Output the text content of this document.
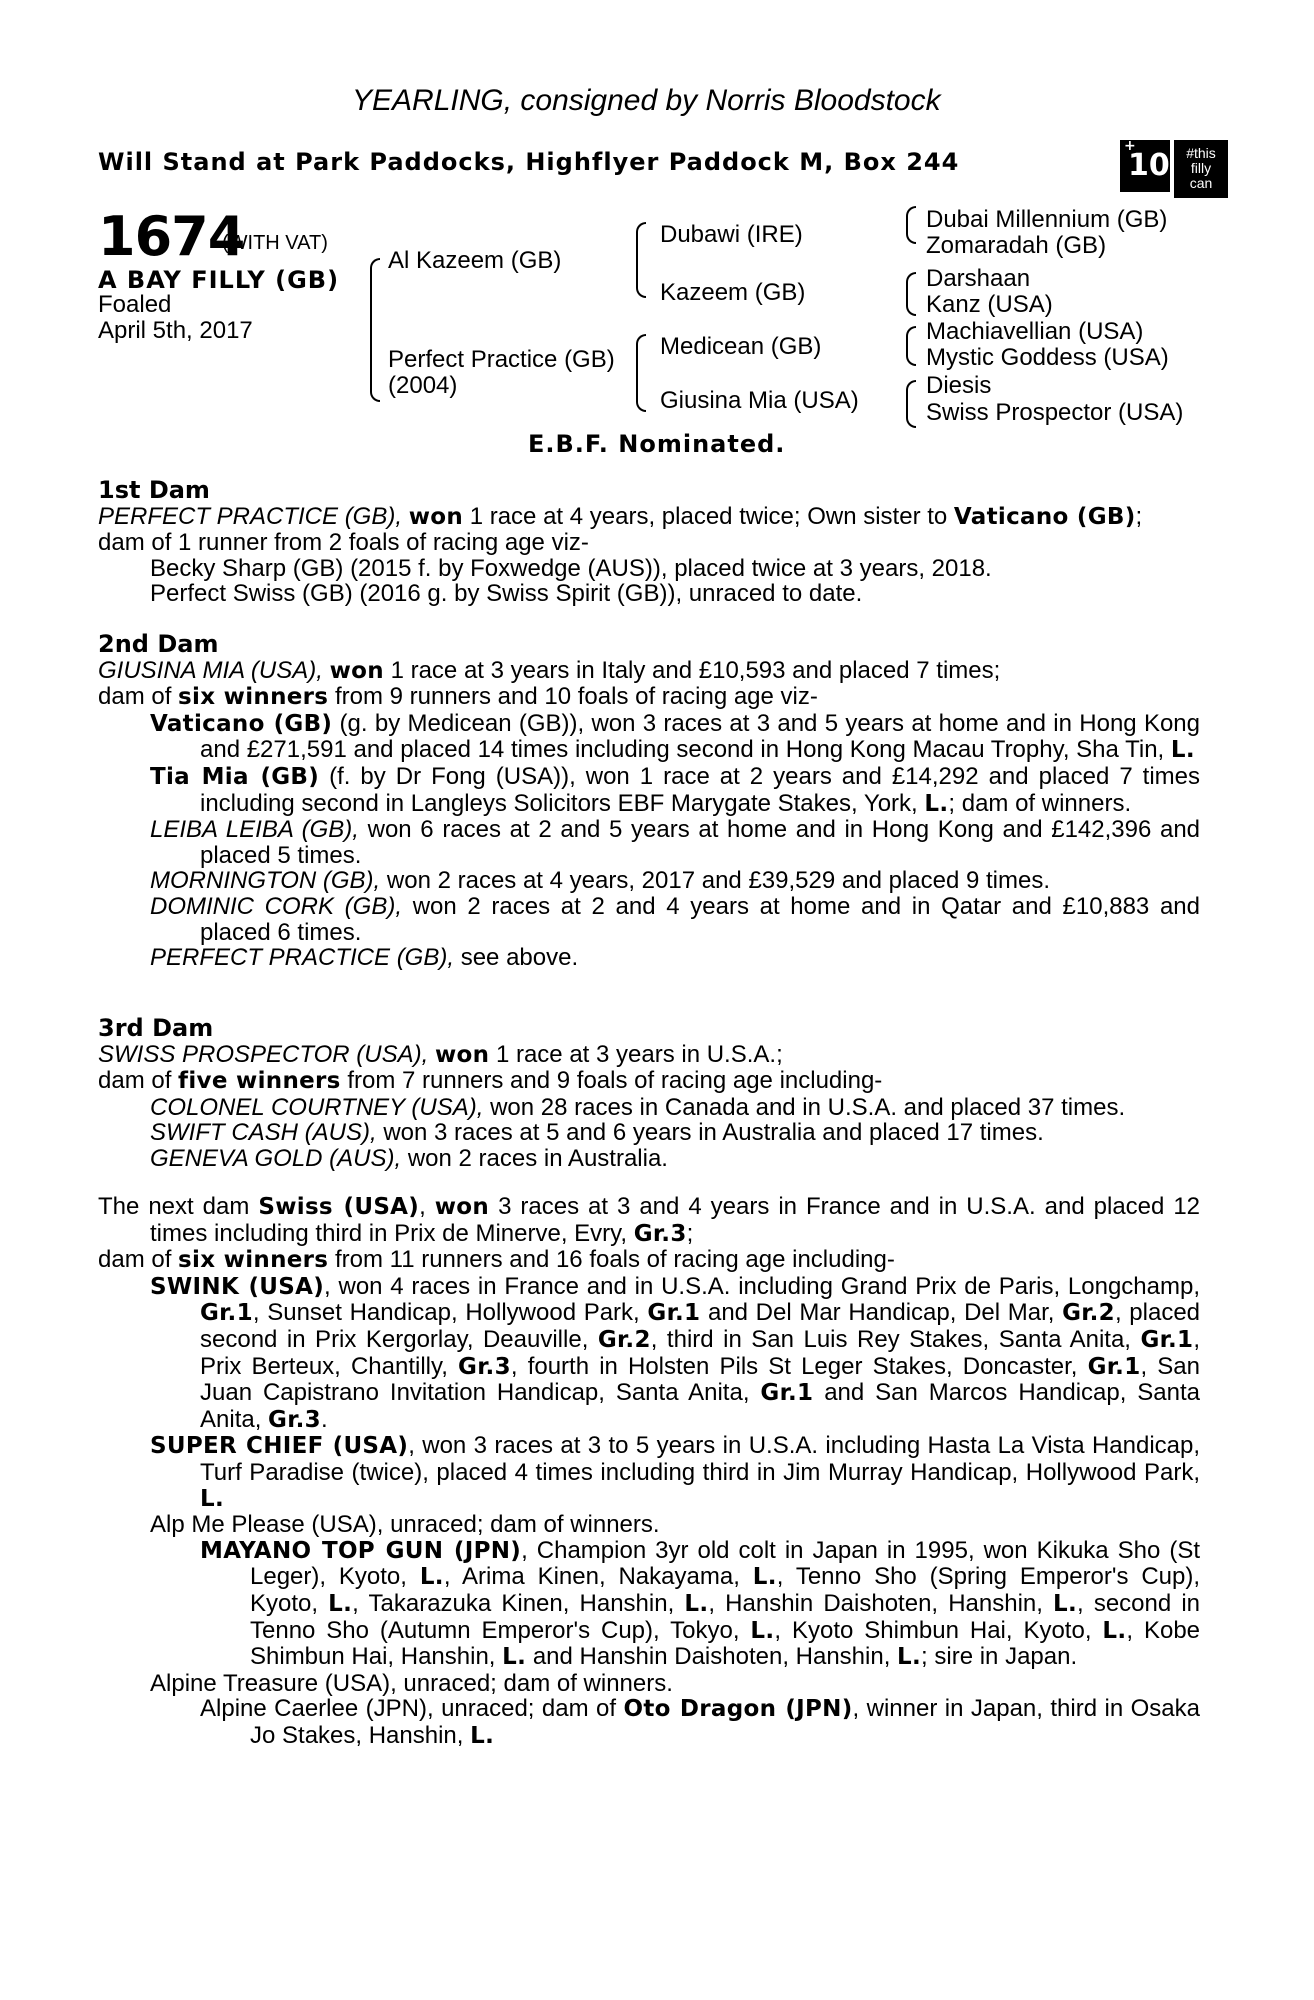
YEARLING, consigned by Norris Bloodstock
Will Stand at Park Paddocks, Highflyer Paddock M, Box 244
+
10	#this filly can
1674
(WITH VAT)
A BAY FILLY (GB)
Foaled
April 5th, 2017
Al Kazeem (GB)
Perfect Practice (GB)
(2004)
Dubawi (IRE)
Kazeem (GB)
Medicean (GB)
Giusina Mia (USA)
Dubai Millennium (GB)
Zomaradah (GB)
Darshaan
Kanz (USA)
Machiavellian (USA)
Mystic Goddess (USA)
Diesis
Swiss Prospector (USA)
E.B.F. Nominated.

1st Dam

PERFECT PRACTICE (GB), won 1 race at 4 years, placed twice; Own sister to Vaticano (GB);

dam of 1 runner from 2 foals of racing age viz-

Becky Sharp (GB) (2015 f. by Foxwedge (AUS)), placed twice at 3 years, 2018.

Perfect Swiss (GB) (2016 g. by Swiss Spirit (GB)), unraced to date.

2nd Dam

GIUSINA MIA (USA), won 1 race at 3 years in Italy and £10,593 and placed 7 times;

dam of six winners from 9 runners and 10 foals of racing age viz-

Vaticano (GB) (g. by Medicean (GB)), won 3 races at 3 and 5 years at home and in Hong Kong and £271,591 and placed 14 times including second in Hong Kong Macau Trophy, Sha Tin, L.

Tia Mia (GB) (f. by Dr Fong (USA)), won 1 race at 2 years and £14,292 and placed 7 times including second in Langleys Solicitors EBF Marygate Stakes, York, L.; dam of winners.

LEIBA LEIBA (GB), won 6 races at 2 and 5 years at home and in Hong Kong and £142,396 and placed 5 times.

MORNINGTON (GB), won 2 races at 4 years, 2017 and £39,529 and placed 9 times.

DOMINIC CORK (GB), won 2 races at 2 and 4 years at home and in Qatar and £10,883 and placed 6 times.

PERFECT PRACTICE (GB), see above.

3rd Dam

SWISS PROSPECTOR (USA), won 1 race at 3 years in U.S.A.;

dam of five winners from 7 runners and 9 foals of racing age including-

COLONEL COURTNEY (USA), won 28 races in Canada and in U.S.A. and placed 37 times.

SWIFT CASH (AUS), won 3 races at 5 and 6 years in Australia and placed 17 times.

GENEVA GOLD (AUS), won 2 races in Australia.

The next dam Swiss (USA), won 3 races at 3 and 4 years in France and in U.S.A. and placed 12 times including third in Prix de Minerve, Evry, Gr.3;

dam of six winners from 11 runners and 16 foals of racing age including-

SWINK (USA), won 4 races in France and in U.S.A. including Grand Prix de Paris, Longchamp, Gr.1, Sunset Handicap, Hollywood Park, Gr.1 and Del Mar Handicap, Del Mar, Gr.2, placed second in Prix Kergorlay, Deauville, Gr.2, third in San Luis Rey Stakes, Santa Anita, Gr.1, Prix Berteux, Chantilly, Gr.3, fourth in Holsten Pils St Leger Stakes, Doncaster, Gr.1, San Juan Capistrano Invitation Handicap, Santa Anita, Gr.1 and San Marcos Handicap, Santa Anita, Gr.3.

SUPER CHIEF (USA), won 3 races at 3 to 5 years in U.S.A. including Hasta La Vista Handicap, Turf Paradise (twice), placed 4 times including third in Jim Murray Handicap, Hollywood Park, L.

Alp Me Please (USA), unraced; dam of winners.

MAYANO TOP GUN (JPN), Champion 3yr old colt in Japan in 1995, won Kikuka Sho (St Leger), Kyoto, L., Arima Kinen, Nakayama, L., Tenno Sho (Spring Emperor's Cup), Kyoto, L., Takarazuka Kinen, Hanshin, L., Hanshin Daishoten, Hanshin, L., second in Tenno Sho (Autumn Emperor's Cup), Tokyo, L., Kyoto Shimbun Hai, Kyoto, L., Kobe Shimbun Hai, Hanshin, L. and Hanshin Daishoten, Hanshin, L.; sire in Japan.

Alpine Treasure (USA), unraced; dam of winners.

Alpine Caerlee (JPN), unraced; dam of Oto Dragon (JPN), winner in Japan, third in Osaka Jo Stakes, Hanshin, L.
